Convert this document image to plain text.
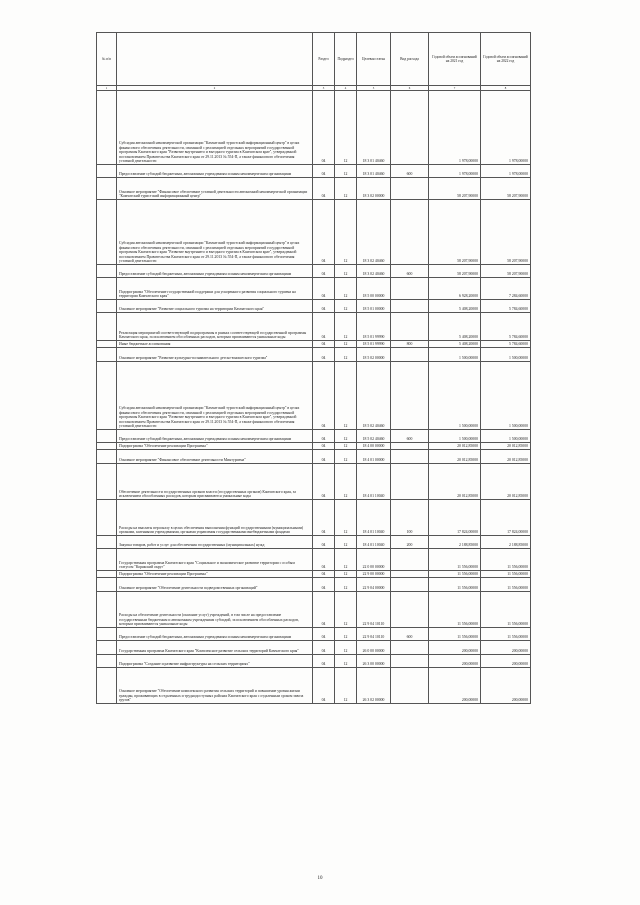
№ п/п		Раздел	Подраздел	Целевая статья	Вид расхода	Годовой объем ассигнований на 2021 год	Годовой объем ассигнований на 2022 год
1	2	3	4	5	6	7	8
	Субсидия автономной некоммерческой организации "Камчатский туристский информационный центр" в целях финансового обеспечения деятельности, связанной с реализацией отдельных мероприятий государственной программы Камчатского края "Развитие внутреннего и въездного туризма в Камчатском крае", утвержденной постановлением Правительства Камчатского края от 29.11.2013 № 554-П, а также финансового обеспечения уставной деятельности	04	12	18 3 01 40460		1 978,00000	1 978,00000
	Предоставление субсидий бюджетным, автономным учреждениям и иным некоммерческим организациям	04	12	18 3 01 40460	600	1 978,00000	1 978,00000
	Основное мероприятие "Финансовое обеспечение уставной деятельности автономной некоммерческой организации "Камчатский туристский информационный центр"	04	12	18 3 02 00000		58 207,90000	58 207,90000
	Субсидия автономной некоммерческой организации "Камчатский туристский информационный центр" в целях финансового обеспечения деятельности, связанной с реализацией отдельных мероприятий государственной программы Камчатского края "Развитие внутреннего и въездного туризма в Камчатском крае", утвержденной постановлением Правительства Камчатского края от 29.11.2013 № 554-П, а также финансового обеспечения уставной деятельности	04	12	18 3 02 40460		58 207,90000	58 207,90000
	Предоставление субсидий бюджетным, автономным учреждениям и иным некоммерческим организациям	04	12	18 3 02 40460	600	58 207,90000	58 207,90000
	Подпрограмма "Обеспечение государственной поддержки для ускоренного развития социального туризма на территории Камчатского края"	04	12	18 5 00 00000		6 928,20000	7 284,60000
	Основное мероприятие "Развитие социального туризма на территории Камчатского края"	04	12	18 5 01 00000		5 408,20000	5 784,60000
	Реализация мероприятий соответствующей подпрограммы в рамках соответствующей государственной программы Камчатского края, за исключением обособленных расходов, которым присваиваются уникальные коды	04	12	18 5 01 99990		5 408,20000	5 784,60000
	Иные бюджетные ассигнования	04	12	18 5 01 99990	800	5 408,20000	5 784,60000
	Основное мероприятие "Развитие культурно-познавательного детско-юношеского туризма"	04	12	18 5 02 00000		1 500,00000	1 500,00000
	Субсидия автономной некоммерческой организации "Камчатский туристский информационный центр" в целях финансового обеспечения деятельности, связанной с реализацией отдельных мероприятий государственной программы Камчатского края "Развитие внутреннего и въездного туризма в Камчатском крае", утвержденной постановлением Правительства Камчатского края от 29.11.2013 № 554-П, а также финансового обеспечения уставной деятельности	04	12	18 5 02 40460		1 500,00000	1 500,00000
	Предоставление субсидий бюджетным, автономным учреждениям и иным некоммерческим организациям	04	12	18 5 02 40460	600	1 500,00000	1 500,00000
	Подпрограмма "Обеспечение реализации Программы"	04	12	18 4 00 00000		20 012,85000	20 012,85000
	Основное мероприятие "Финансовое обеспечение деятельности Минтуризма"	04	12	18 4 01 00000		20 012,85000	20 012,85000
	Обеспечение деятельности государственных органов власти (государственных органов) Камчатского края, за исключением обособленных расходов, которым присваиваются уникальные коды	04	12	18 4 01 10040		20 012,85000	20 012,85000
	Расходы на выплаты персоналу в целях обеспечения выполнения функций государственными (муниципальными) органами, казенными учреждениями, органами управления государственными внебюджетными фондами	04	12	18 4 01 10040	100	17 824,00000	17 824,00000
	Закупка товаров, работ и услуг для обеспечения государственных (муниципальных) нужд	04	12	18 4 01 10040	200	2 188,85000	2 188,85000
	Государственная программа Камчатского края "Социальное и экономическое развитие территории с особым статусом "Корякский округ"	04	12	22 0 00 00000		11 556,00000	11 556,00000
	Подпрограмма "Обеспечение реализации Программы"	04	12	22 9 00 00000		11 556,00000	11 556,00000
	Основное мероприятие "Обеспечение деятельности подведомственных организаций"	04	12	22 9 04 00000		11 556,00000	11 556,00000
	Расходы на обеспечение деятельности (оказание услуг) учреждений, в том числе на предоставление государственным бюджетным и автономным учреждениям субсидий, за исключением обособленных расходов, которым присваиваются уникальные коды	04	12	22 9 04 10110		11 556,00000	11 556,00000
	Предоставление субсидий бюджетным, автономным учреждениям и иным некоммерческим организациям	04	12	22 9 04 10110	600	11 556,00000	11 556,00000
	Государственная программа Камчатского края "Комплексное развитие сельских территорий Камчатского края"	04	12	26 0 00 00000		200,00000	200,00000
	Подпрограмма "Создание и развитие инфраструктуры на сельских территориях"	04	12	26 3 00 00000		200,00000	200,00000
	Основное мероприятие "Обеспечение комплексного развития сельских территорий и повышение уровня жизни граждан, проживающих в отдаленных и труднодоступных районах Камчатского края с отдаленным сроком завоза грузов"	04	12	26 3 02 00000		200,00000	200,00000
10
